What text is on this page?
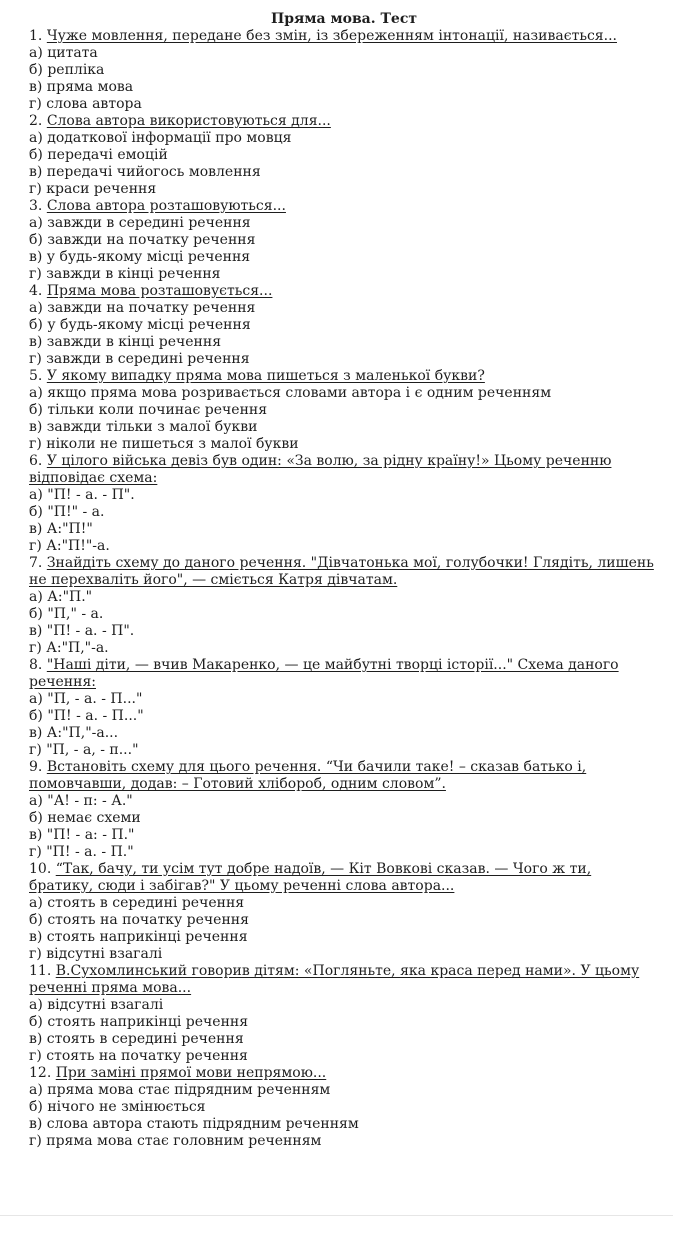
Пряма мова. Тест

1. Чуже мовлення, передане без змін, із збереженням інтонації, називається...

а) цитата

б) репліка

в) пряма мова

г) слова автора

2. Слова автора використовуються для...

а) додаткової інформації про мовця

б) передачі емоцій

в) передачі чийогось мовлення

г) краси речення

3. Слова автора розташовуються...

а) завжди в середині речення

б) завжди на початку речення

в) у будь-якому місці речення

г) завжди в кінці речення

4. Пряма мова розташовується...

а) завжди на початку речення

б) у будь-якому місці речення

в) завжди в кінці речення

г) завжди в середині речення

5. У якому випадку пряма мова пишеться з маленької букви?

а) якщо пряма мова розривається словами автора і є одним реченням

б) тільки коли починає речення

в) завжди тільки з малої букви

г) ніколи не пишеться з малої букви

6. У цілого війська девіз був один: «За волю, за рідну країну!» Цьому реченню відповідає схема:

а) "П! - а. - П".

б) "П!" - а.

в) А:"П!"

г) А:"П!"-а.

7. Знайдіть схему до даного речення. "Дівчатонька мої, голубочки! Глядіть, лишень не перехваліть його", — сміється Катря дівчатам.

а) А:"П."

б) "П," - а.

в) "П! - а. - П".

г) А:"П,"-а.

8. "Наші діти, — вчив Макаренко, — це майбутні творці історії..." Схема даного речення:

а) "П, - а. - П..."

б) "П! - а. - П..."

в) А:"П,"-а...

г) "П, - а, - п..."

9. Встановіть схему для цього речення. “Чи бачили таке! – сказав батько і, помовчавши, додав: – Готовий хлібороб, одним словом”.

а) "А! - п: - А."

б) немає схеми

в) "П! - а: - П."

г) "П! - а. - П."

10. “Так, бачу, ти усім тут добре надоїв, — Кіт Вовкові сказав. — Чого ж ти, братику, сюди і забігав?" У цьому реченні слова автора...

а) стоять в середині речення

б) стоять на початку речення

в) стоять наприкінці речення

г) відсутні взагалі

11. В.Сухомлинський говорив дітям: «Погляньте, яка краса перед нами». У цьому реченні пряма мова...

а) відсутні взагалі

б) стоять наприкінці речення

в) стоять в середині речення

г) стоять на початку речення

12. При заміні прямої мови непрямою...

а) пряма мова стає підрядним реченням

б) нічого не змінюється

в) слова автора стають підрядним реченням

г) пряма мова стає головним реченням
